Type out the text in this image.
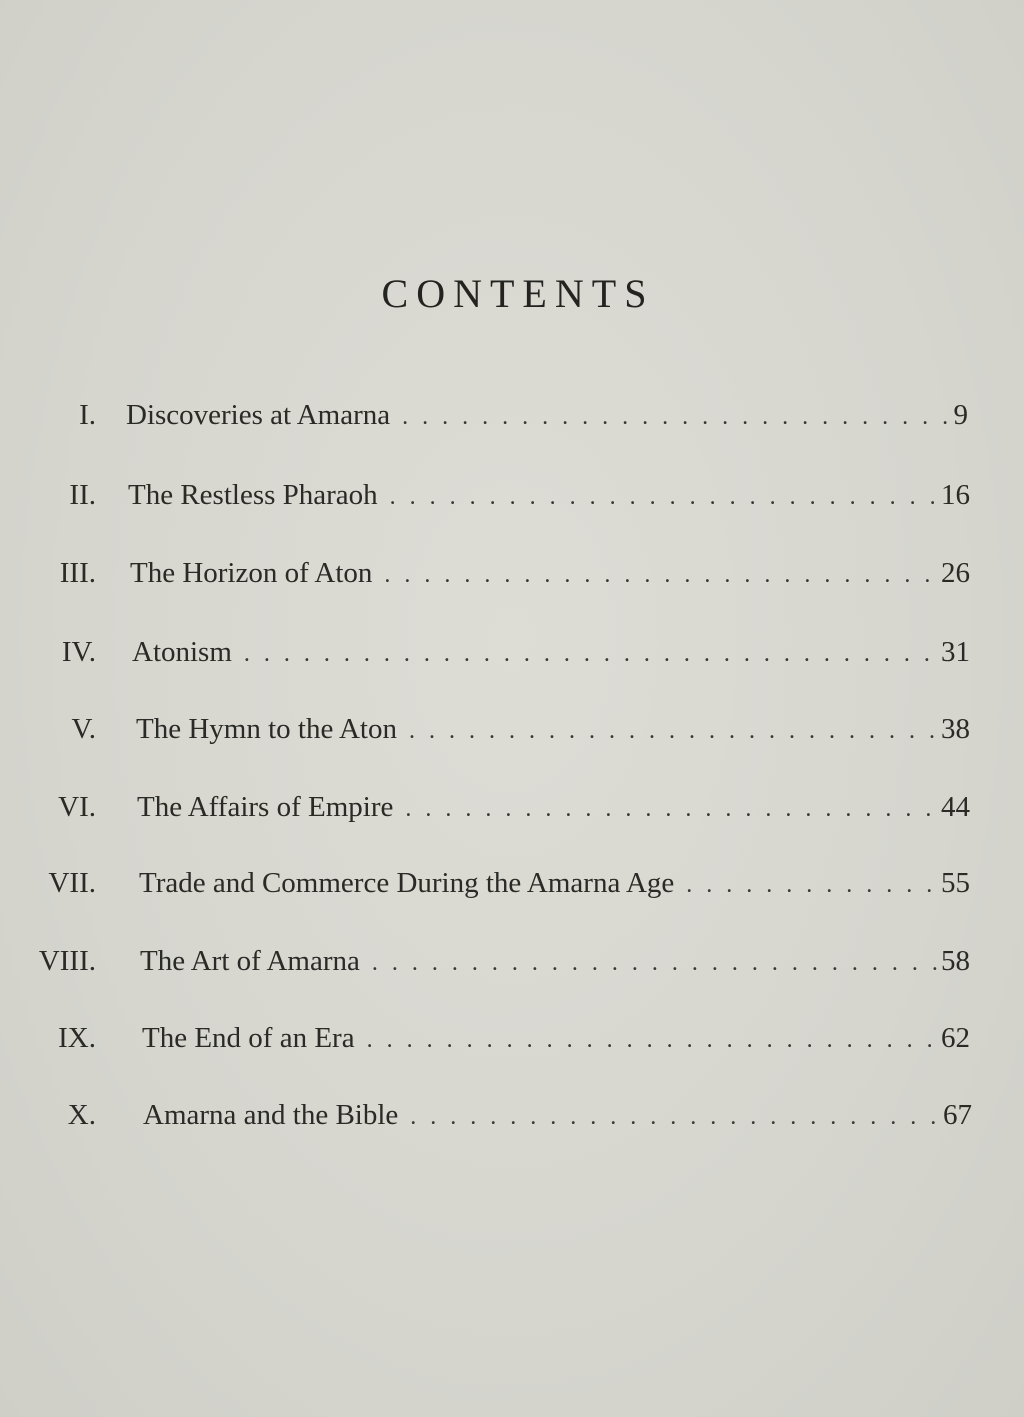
CONTENTS
I. Discoveries at Amarna . . .	9
II. The Restless Pharaoh . . .	16
III. The Horizon of Aton . . .	26
IV. Atonism . . .	31
V. The Hymn to the Aton . . .	38
VI. The Affairs of Empire . . .	44
VII. Trade and Commerce During the Amarna Age . . .	55
VIII. The Art of Amarna . . .	58
IX. The End of an Era . . .	62
X. Amarna and the Bible . . .	67
